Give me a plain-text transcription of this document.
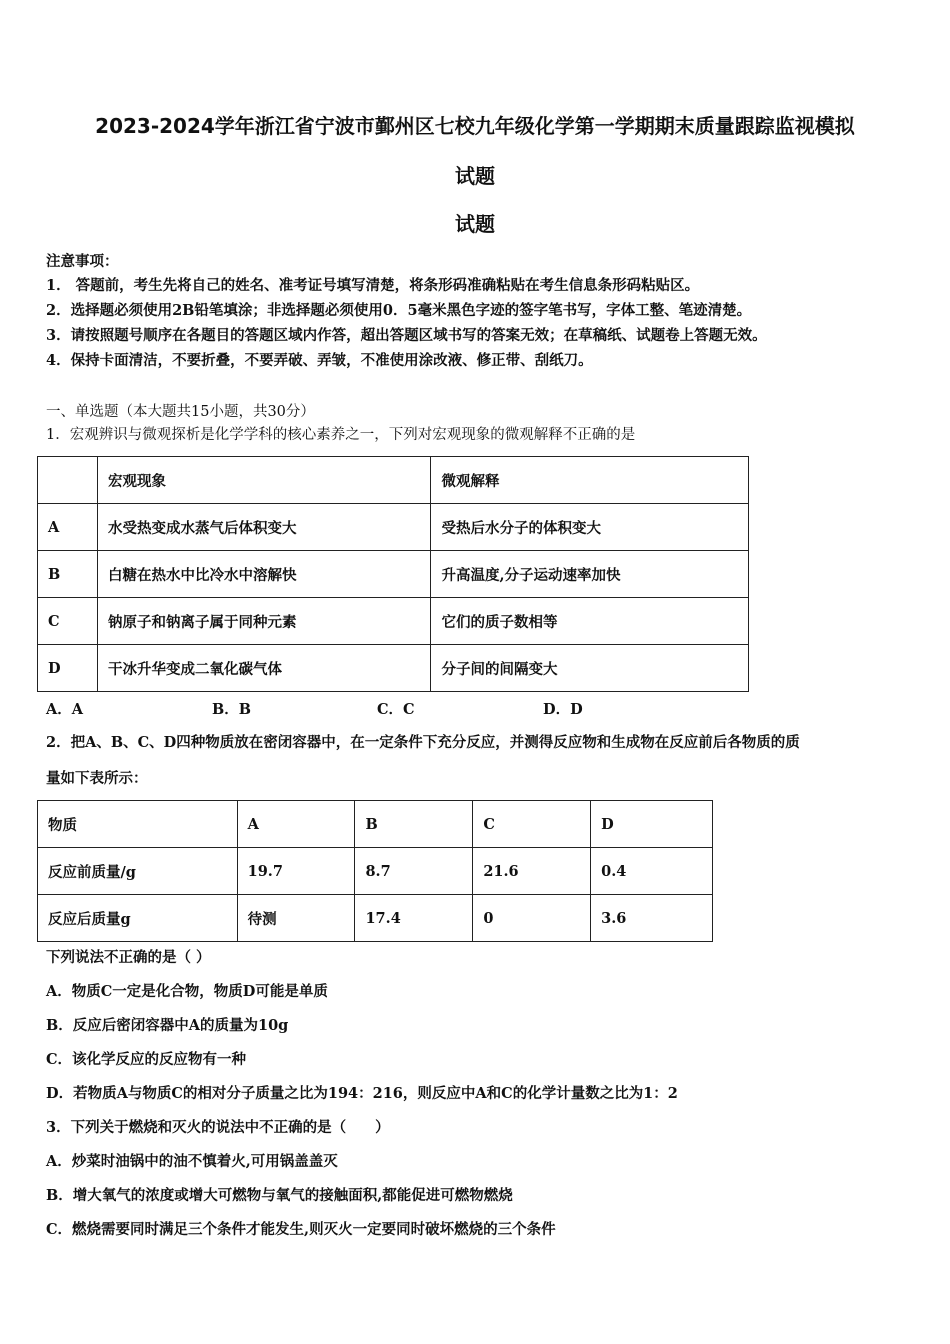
2023-2024学年浙江省宁波市鄞州区七校九年级化学第一学期期末质量跟踪监视模拟
试题
试题
注意事项：
1． 答题前，考生先将自己的姓名、准考证号填写清楚，将条形码准确粘贴在考生信息条形码粘贴区。
2．选择题必须使用2B铅笔填涂；非选择题必须使用0．5毫米黑色字迹的签字笔书写，字体工整、笔迹清楚。
3．请按照题号顺序在各题目的答题区域内作答，超出答题区域书写的答案无效；在草稿纸、试题卷上答题无效。
4．保持卡面清洁，不要折叠，不要弄破、弄皱，不准使用涂改液、修正带、刮纸刀。
一、单选题（本大题共15小题，共30分）
1．宏观辨识与微观探析是化学学科的核心素养之一，下列对宏观现象的微观解释不正确的是
	宏观现象	微观解释
A	水受热变成水蒸气后体积变大	受热后水分子的体积变大
B	白糖在热水中比冷水中溶解快	升高温度,分子运动速率加快
C	钠原子和钠离子属于同种元素	它们的质子数相等
D	干冰升华变成二氧化碳气体	分子间的间隔变大
A．A	B．B	C．C	D．D
2．把A、B、C、D四种物质放在密闭容器中，在一定条件下充分反应，并测得反应物和生成物在反应前后各物质的质
量如下表所示：
物质	A	B	C	D
反应前质量/g	19.7	8.7	21.6	0.4
反应后质量g	待测	17.4	0	3.6
下列说法不正确的是（ ）
A．物质C一定是化合物，物质D可能是单质
B．反应后密闭容器中A的质量为10g
C．该化学反应的反应物有一种
D．若物质A与物质C的相对分子质量之比为194：216，则反应中A和C的化学计量数之比为1：2
3．下列关于燃烧和灭火的说法中不正确的是（　　）
A．炒菜时油锅中的油不慎着火,可用锅盖盖灭
B．增大氧气的浓度或增大可燃物与氧气的接触面积,都能促进可燃物燃烧
C．燃烧需要同时满足三个条件才能发生,则灭火一定要同时破坏燃烧的三个条件
